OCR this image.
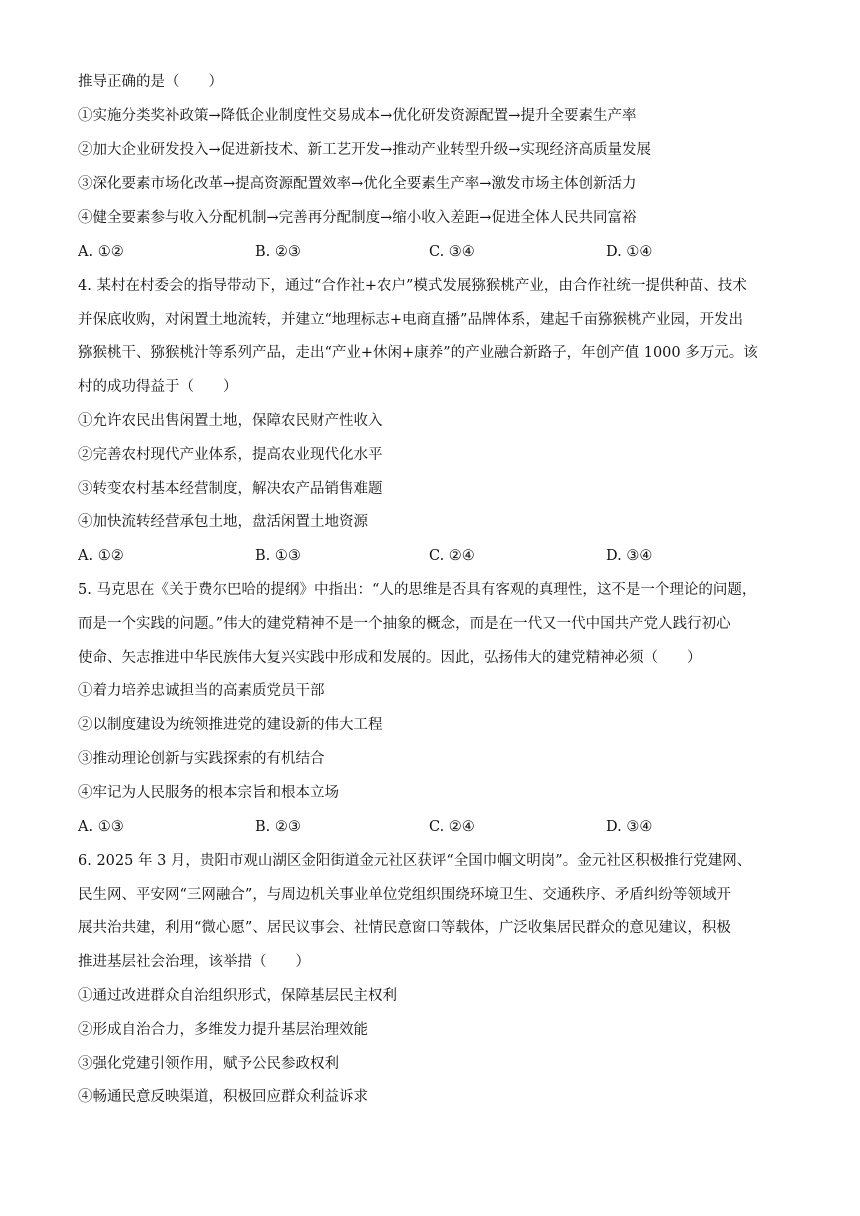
推导正确的是（　　）
①实施分类奖补政策→降低企业制度性交易成本→优化研发资源配置→提升全要素生产率
②加大企业研发投入→促进新技术、新工艺开发→推动产业转型升级→实现经济高质量发展
③深化要素市场化改革→提高资源配置效率→优化全要素生产率→激发市场主体创新活力
④健全要素参与收入分配机制→完善再分配制度→缩小收入差距→促进全体人民共同富裕
A. ①②	B. ②③	C. ③④	D. ①④
4. 某村在村委会的指导带动下，通过“合作社+农户”模式发展猕猴桃产业，由合作社统一提供种苗、技术
并保底收购，对闲置土地流转，并建立“地理标志+电商直播”品牌体系，建起千亩猕猴桃产业园，开发出
猕猴桃干、猕猴桃汁等系列产品，走出“产业+休闲+康养”的产业融合新路子，年创产值 1000 多万元。该
村的成功得益于（　　）
①允许农民出售闲置土地，保障农民财产性收入
②完善农村现代产业体系，提高农业现代化水平
③转变农村基本经营制度，解决农产品销售难题
④加快流转经营承包土地，盘活闲置土地资源
A. ①②	B. ①③	C. ②④	D. ③④
5. 马克思在《关于费尔巴哈的提纲》中指出：“人的思维是否具有客观的真理性，这不是一个理论的问题，
而是一个实践的问题。”伟大的建党精神不是一个抽象的概念，而是在一代又一代中国共产党人践行初心
使命、矢志推进中华民族伟大复兴实践中形成和发展的。因此，弘扬伟大的建党精神必须（　　）
①着力培养忠诚担当的高素质党员干部
②以制度建设为统领推进党的建设新的伟大工程
③推动理论创新与实践探索的有机结合
④牢记为人民服务的根本宗旨和根本立场
A. ①③	B. ②③	C. ②④	D. ③④
6. 2025 年 3 月，贵阳市观山湖区金阳街道金元社区获评“全国巾帼文明岗”。金元社区积极推行党建网、
民生网、平安网“三网融合”，与周边机关事业单位党组织围绕环境卫生、交通秩序、矛盾纠纷等领域开
展共治共建，利用“微心愿”、居民议事会、社情民意窗口等载体，广泛收集居民群众的意见建议，积极
推进基层社会治理，该举措（　　）
①通过改进群众自治组织形式，保障基层民主权利
②形成自治合力，多维发力提升基层治理效能
③强化党建引领作用，赋予公民参政权利
④畅通民意反映渠道，积极回应群众利益诉求
